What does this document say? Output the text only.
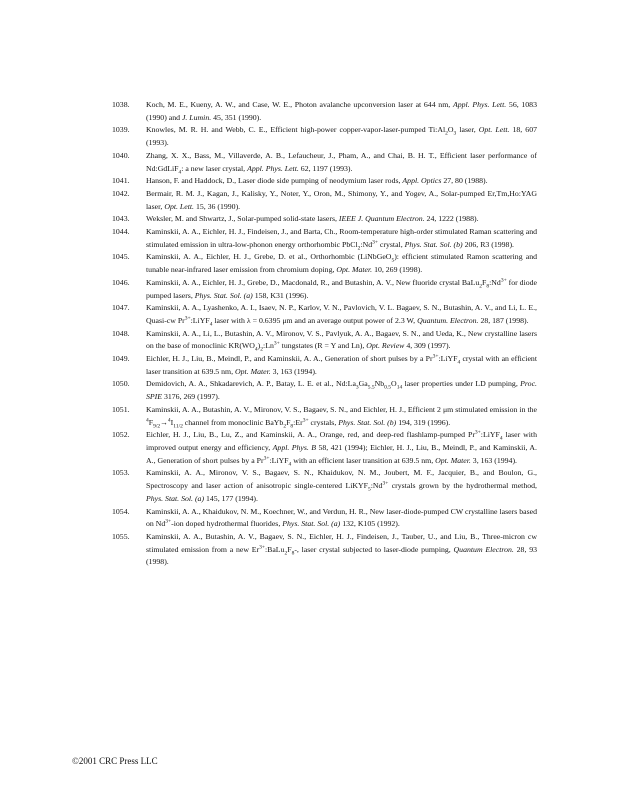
1038. Koch, M. E., Kueny, A. W., and Case, W. E., Photon avalanche upconversion laser at 644 nm, Appl. Phys. Lett. 56, 1083 (1990) and J. Lumin. 45, 351 (1990).
1039. Knowles, M. R. H. and Webb, C. E., Efficient high-power copper-vapor-laser-pumped $Ti:Al_2O_3$ laser, Opt. Lett. 18, 607 (1993).
1040. Zhang, X. X., Bass, M., Villaverde, A. B., Lefaucheur, J., Pham, A., and Chai, B. H. T., Efficient laser performance of Nd:GdLiF$_4$: a new laser crystal, Appl. Phys. Lett. 62, 1197 (1993).
1041. Hanson, F. and Haddock, D., Laser diode side pumping of neodymium laser rods, Appl. Optics 27, 80 (1988).
1042. Bermair, R. M. J., Kagan, J., Kalisky, Y., Noter, Y., Oron, M., Shimony, Y., and Yogev, A., Solar-pumped Er,Tm,Ho:YAG laser, Opt. Lett. 15, 36 (1990).
1043. Weksler, M. and Shwartz, J., Solar-pumped solid-state lasers, IEEE J. Quantum Electron. 24, 1222 (1988).
1044. Kaminskii, A. A., Eichler, H. J., Findeisen, J., and Barta, Ch., Room-temperature high-order stimulated Raman scattering and stimulated emission in ultra-low-phonon energy orthorhombic $PbCl_2:Nd^{3+}$ crystal, Phys. Stat. Sol. (b) 206, R3 (1998).
1045. Kaminskii, A. A., Eichler, H. J., Grebe, D. et al., Orthorhombic (LiNbGeO$_5$): efficient stimulated Ramon scattering and tunable near-infrared laser emission from chromium doping, Opt. Mater. 10, 269 (1998).
1046. Kaminskii, A. A., Eichler, H. J., Grebe, D., Macdonald, R., and Butashin, A. V., New fluoride crystal $BaLu_2F_8:Nd^{3+}$ for diode pumped lasers, Phys. Stat. Sol. (a) 158, K31 (1996).
1047. Kaminskii, A. A., Lyashenko, A. I., Isaev, N. P., Karlov, V. N., Pavlovich, V. L. Bagaev, S. N., Butashin, A. V., and Li, L. E., Quasi-cw $Pr^{3+}:LiYF_4$ laser with λ = 0.6395 μm and an average output power of 2.3 W, Quantum. Electron. 28, 187 (1998).
1048. Kaminskii, A. A., Li, L., Butashin, A. V., Mironov, V. S., Pavlyuk, A. A., Bagaev, S. N., and Ueda, K., New crystalline lasers on the base of monoclinic $KR(WO_4)_2:Ln^{3+}$ tungstates (R = Y and Ln), Opt. Review 4, 309 (1997).
1049. Eichler, H. J., Liu, B., Meindl, P., and Kaminskii, A. A., Generation of short pulses by a $Pr^{3+}:LiYF_4$ crystal with an efficient laser transition at 639.5 nm, Opt. Mater. 3, 163 (1994).
1050. Demidovich, A. A., Shkadarevich, A. P., Batay, L. E. et al., $Nd:La_3Ga_{5.5}Nb_{0.5}O_{14}$ laser properties under LD pumping, Proc. SPIE 3176, 269 (1997).
1051. Kaminskii, A. A., Butashin, A. V., Mironov, V. S., Bagaev, S. N., and Eichler, H. J., Efficient 2 μm stimulated emission in the $^4F_{9/2}\to^4I_{11/2}$ channel from monoclinic $BaYb_2F_8:Er^{3+}$ crystals, Phys. Stat. Sol. (b) 194, 319 (1996).
1052. Eichler, H. J., Liu, B., Lu, Z., and Kaminskii, A. A., Orange, red, and deep-red flashlamp-pumped $Pr^{3+}:LiYF_4$ laser with improved output energy and efficiency, Appl. Phys. B 58, 421 (1994); Eichler, H. J., Liu, B., Meindl, P., and Kaminskii, A. A., Generation of short pulses by a $Pr^{3+}:LiYF_4$ with an efficient laser transition at 639.5 nm, Opt. Mater. 3, 163 (1994).
1053. Kaminskii, A. A., Mironov, V. S., Bagaev, S. N., Khaidukov, N. M., Joubert, M. F., Jacquier, B., and Boulon, G., Spectroscopy and laser action of anisotropic single-centered $LiKYF_5:Nd^{3+}$ crystals grown by the hydrothermal method, Phys. Stat. Sol. (a) 145, 177 (1994).
1054. Kaminskii, A. A., Khaidukov, N. M., Koechner, W., and Verdun, H. R., New laser-diode-pumped CW crystalline lasers based on $Nd^{3+}$-ion doped hydrothermal fluorides, Phys. Stat. Sol. (a) 132, K105 (1992).
1055. Kaminskii, A. A., Butashin, A. V., Bagaev, S. N., Eichler, H. J., Findeisen, J., Tauber, U., and Liu, B., Three-micron cw stimulated emission from a new $Er^{3+}:BaLu_2F_8-$, laser crystal subjected to laser-diode pumping, Quantum Electron. 28, 93 (1998).
©2001 CRC Press LLC
